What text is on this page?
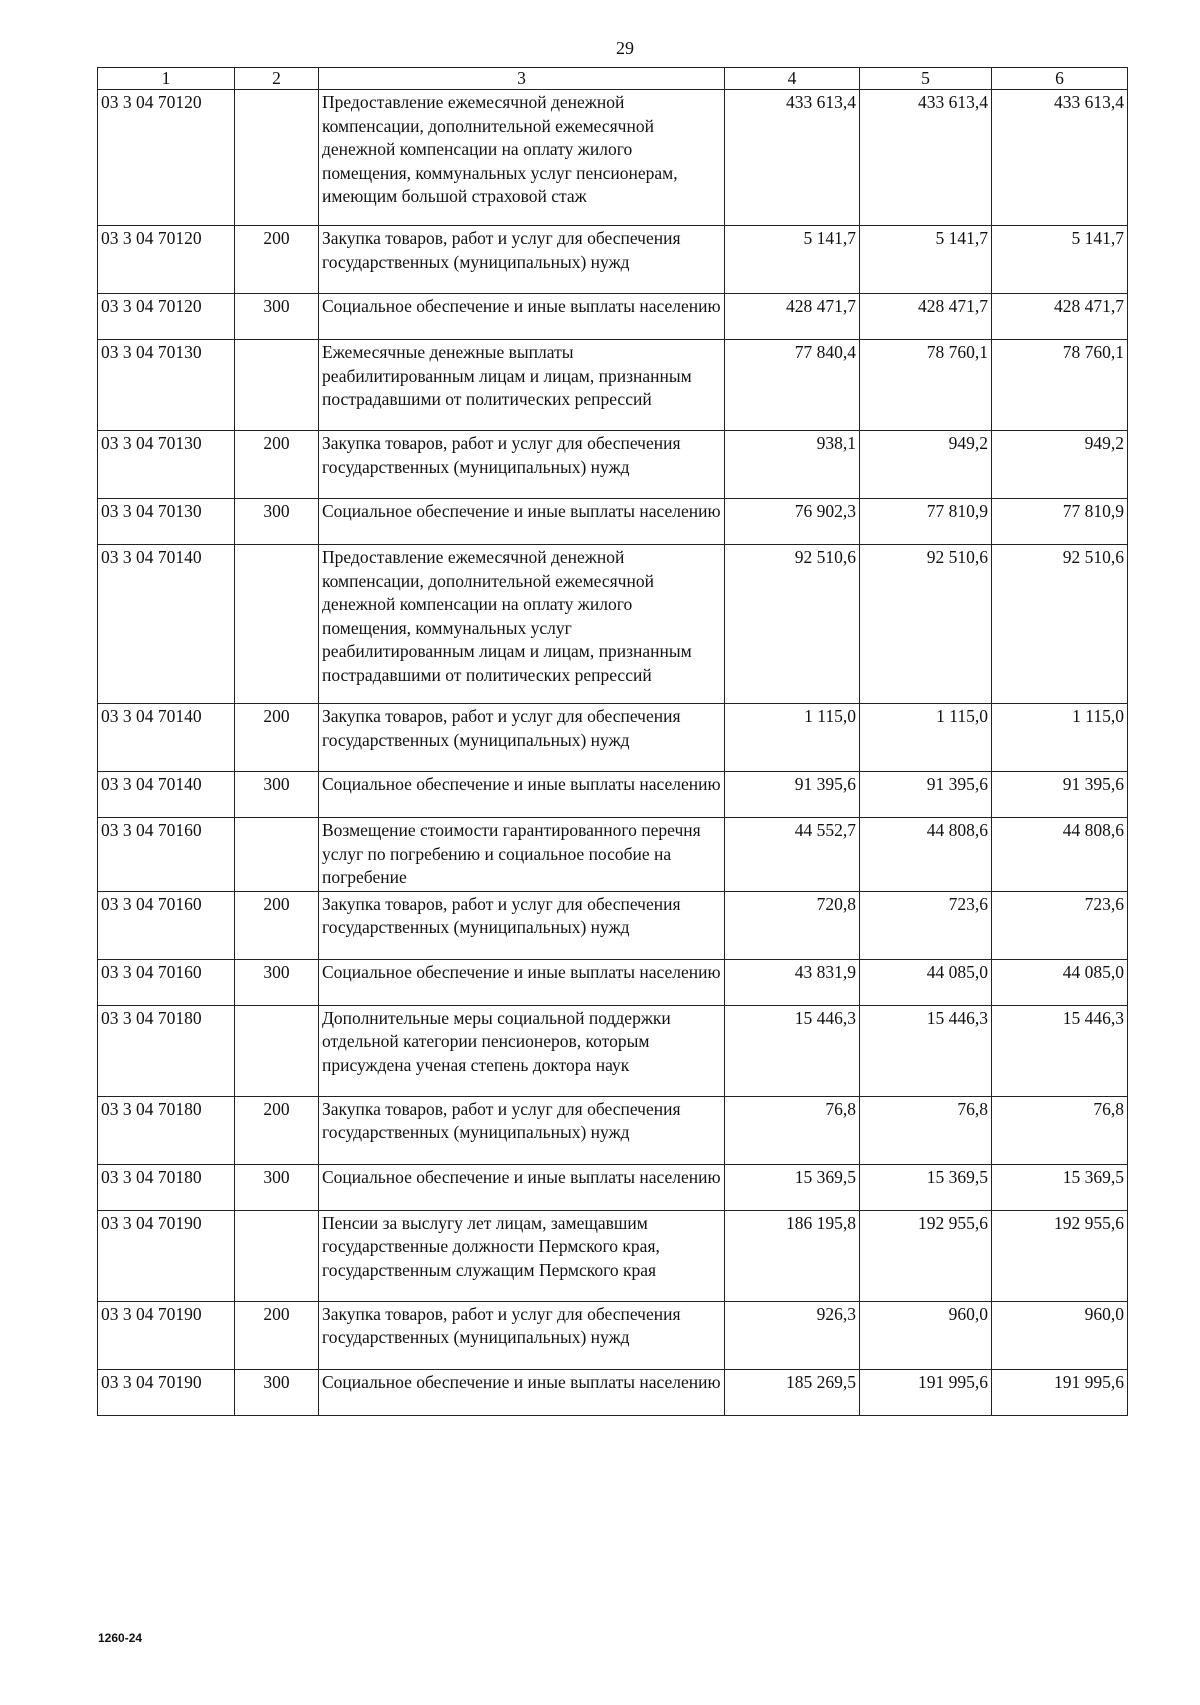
29
1	2	3	4	5	6
03 3 04 70120		Предоставление ежемесячной денежной компенсации, дополнительной ежемесячной денежной компенсации на оплату жилого помещения, коммунальных услуг пенсионерам, имеющим большой страховой стаж	433 613,4	433 613,4	433 613,4
03 3 04 70120	200	Закупка товаров, работ и услуг для обеспечения государственных (муниципальных) нужд	5 141,7	5 141,7	5 141,7
03 3 04 70120	300	Социальное обеспечение и иные выплаты населению	428 471,7	428 471,7	428 471,7
03 3 04 70130		Ежемесячные денежные выплаты реабилитированным лицам и лицам, признанным пострадавшими от политических репрессий	77 840,4	78 760,1	78 760,1
03 3 04 70130	200	Закупка товаров, работ и услуг для обеспечения государственных (муниципальных) нужд	938,1	949,2	949,2
03 3 04 70130	300	Социальное обеспечение и иные выплаты населению	76 902,3	77 810,9	77 810,9
03 3 04 70140		Предоставление ежемесячной денежной компенсации, дополнительной ежемесячной денежной компенсации на оплату жилого помещения, коммунальных услуг реабилитированным лицам и лицам, признанным пострадавшими от политических репрессий	92 510,6	92 510,6	92 510,6
03 3 04 70140	200	Закупка товаров, работ и услуг для обеспечения государственных (муниципальных) нужд	1 115,0	1 115,0	1 115,0
03 3 04 70140	300	Социальное обеспечение и иные выплаты населению	91 395,6	91 395,6	91 395,6
03 3 04 70160		Возмещение стоимости гарантированного перечня услуг по погребению и социальное пособие на погребение	44 552,7	44 808,6	44 808,6
03 3 04 70160	200	Закупка товаров, работ и услуг для обеспечения государственных (муниципальных) нужд	720,8	723,6	723,6
03 3 04 70160	300	Социальное обеспечение и иные выплаты населению	43 831,9	44 085,0	44 085,0
03 3 04 70180		Дополнительные меры социальной поддержки отдельной категории пенсионеров, которым присуждена ученая степень доктора наук	15 446,3	15 446,3	15 446,3
03 3 04 70180	200	Закупка товаров, работ и услуг для обеспечения государственных (муниципальных) нужд	76,8	76,8	76,8
03 3 04 70180	300	Социальное обеспечение и иные выплаты населению	15 369,5	15 369,5	15 369,5
03 3 04 70190		Пенсии за выслугу лет лицам, замещавшим государственные должности Пермского края, государственным служащим Пермского края	186 195,8	192 955,6	192 955,6
03 3 04 70190	200	Закупка товаров, работ и услуг для обеспечения государственных (муниципальных) нужд	926,3	960,0	960,0
03 3 04 70190	300	Социальное обеспечение и иные выплаты населению	185 269,5	191 995,6	191 995,6
1260-24
